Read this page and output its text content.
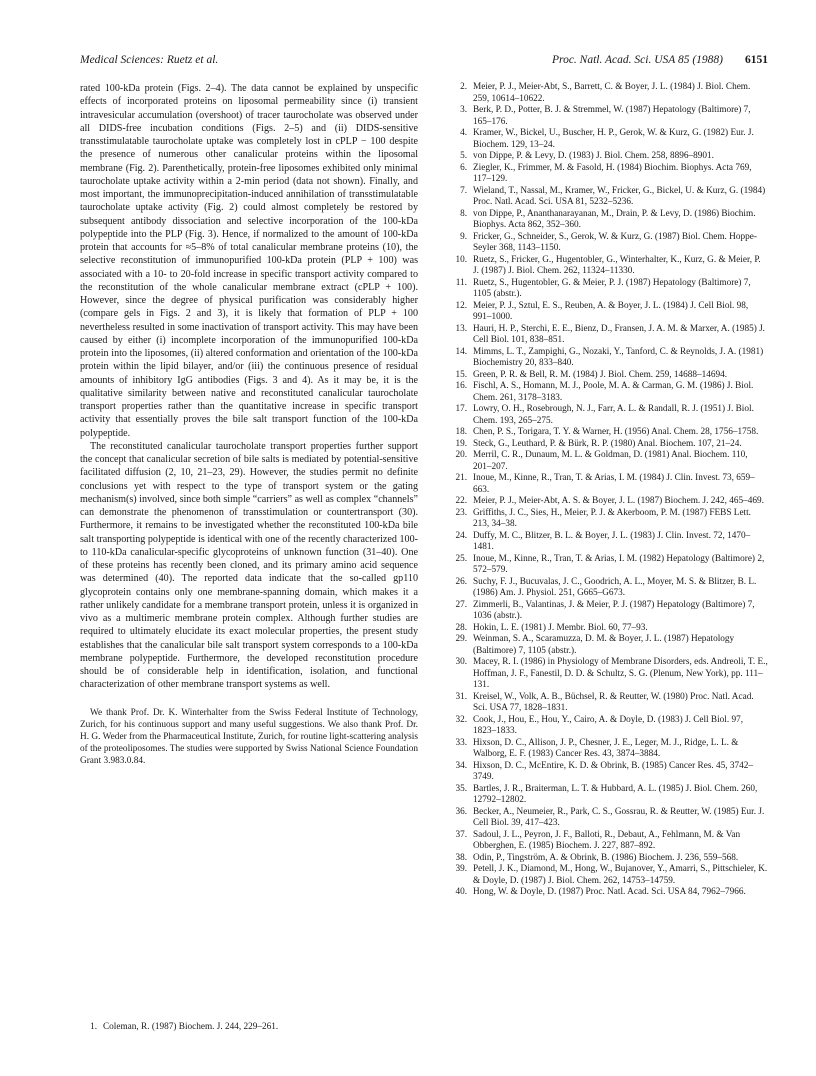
Medical Sciences: Ruetz et al.	Proc. Natl. Acad. Sci. USA 85 (1988) 6151

rated 100-kDa protein (Figs. 2–4). The data cannot be explained by unspecific effects of incorporated proteins on liposomal permeability since (i) transient intravesicular accumulation (overshoot) of tracer taurocholate was observed under all DIDS-free incubation conditions (Figs. 2–5) and (ii) DIDS-sensitive transstimulatable taurocholate uptake was completely lost in cPLP − 100 despite the presence of numerous other canalicular proteins within the liposomal membrane (Fig. 2). Parenthetically, protein-free liposomes exhibited only minimal taurocholate uptake activity within a 2-min period (data not shown). Finally, and most important, the immunoprecipitation-induced annihilation of transstimulatable taurocholate uptake activity (Fig. 2) could almost completely be restored by subsequent antibody dissociation and selective incorporation of the 100-kDa polypeptide into the PLP (Fig. 3). Hence, if normalized to the amount of 100-kDa protein that accounts for ≈5–8% of total canalicular membrane proteins (10), the selective reconstitution of immunopurified 100-kDa protein (PLP + 100) was associated with a 10- to 20-fold increase in specific transport activity compared to the reconstitution of the whole canalicular membrane extract (cPLP + 100). However, since the degree of physical purification was considerably higher (compare gels in Figs. 2 and 3), it is likely that formation of PLP + 100 nevertheless resulted in some inactivation of transport activity. This may have been caused by either (i) incomplete incorporation of the immunopurified 100-kDa protein into the liposomes, (ii) altered conformation and orientation of the 100-kDa protein within the lipid bilayer, and/or (iii) the continuous presence of residual amounts of inhibitory IgG antibodies (Figs. 3 and 4). As it may be, it is the qualitative similarity between native and reconstituted canalicular taurocholate transport properties rather than the quantitative increase in specific transport activity that essentially proves the bile salt transport function of the 100-kDa polypeptide.

The reconstituted canalicular taurocholate transport properties further support the concept that canalicular secretion of bile salts is mediated by potential-sensitive facilitated diffusion (2, 10, 21–23, 29). However, the studies permit no definite conclusions yet with respect to the type of transport system or the gating mechanism(s) involved, since both simple “carriers” as well as complex “channels” can demonstrate the phenomenon of transstimulation or countertransport (30). Furthermore, it remains to be investigated whether the reconstituted 100-kDa bile salt transporting polypeptide is identical with one of the recently characterized 100- to 110-kDa canalicular-specific glycoproteins of unknown function (31–40). One of these proteins has recently been cloned, and its primary amino acid sequence was determined (40). The reported data indicate that the so-called gp110 glycoprotein contains only one membrane-spanning domain, which makes it a rather unlikely candidate for a membrane transport protein, unless it is organized in vivo as a multimeric membrane protein complex. Although further studies are required to ultimately elucidate its exact molecular properties, the present study establishes that the canalicular bile salt transport system corresponds to a 100-kDa membrane polypeptide. Furthermore, the developed reconstitution procedure should be of considerable help in identification, isolation, and functional characterization of other membrane transport systems as well.

We thank Prof. Dr. K. Winterhalter from the Swiss Federal Institute of Technology, Zurich, for his continuous support and many useful suggestions. We also thank Prof. Dr. H. G. Weder from the Pharmaceutical Institute, Zurich, for routine light-scattering analysis of the proteoliposomes. The studies were supported by Swiss National Science Foundation Grant 3.983.0.84.

1. Coleman, R. (1987) Biochem. J. 244, 229–261.
2. Meier, P. J., Meier-Abt, S., Barrett, C. & Boyer, J. L. (1984) J. Biol. Chem. 259, 10614–10622.
3. Berk, P. D., Potter, B. J. & Stremmel, W. (1987) Hepatology (Baltimore) 7, 165–176.
4. Kramer, W., Bickel, U., Buscher, H. P., Gerok, W. & Kurz, G. (1982) Eur. J. Biochem. 129, 13–24.
5. von Dippe, P. & Levy, D. (1983) J. Biol. Chem. 258, 8896–8901.
6. Ziegler, K., Frimmer, M. & Fasold, H. (1984) Biochim. Biophys. Acta 769, 117–129.
7. Wieland, T., Nassal, M., Kramer, W., Fricker, G., Bickel, U. & Kurz, G. (1984) Proc. Natl. Acad. Sci. USA 81, 5232–5236.
8. von Dippe, P., Ananthanarayanan, M., Drain, P. & Levy, D. (1986) Biochim. Biophys. Acta 862, 352–360.
9. Fricker, G., Schneider, S., Gerok, W. & Kurz, G. (1987) Biol. Chem. Hoppe-Seyler 368, 1143–1150.
10. Ruetz, S., Fricker, G., Hugentobler, G., Winterhalter, K., Kurz, G. & Meier, P. J. (1987) J. Biol. Chem. 262, 11324–11330.
11. Ruetz, S., Hugentobler, G. & Meier, P. J. (1987) Hepatology (Baltimore) 7, 1105 (abstr.).
12. Meier, P. J., Sztul, E. S., Reuben, A. & Boyer, J. L. (1984) J. Cell Biol. 98, 991–1000.
13. Hauri, H. P., Sterchi, E. E., Bienz, D., Fransen, J. A. M. & Marxer, A. (1985) J. Cell Biol. 101, 838–851.
14. Mimms, L. T., Zampighi, G., Nozaki, Y., Tanford, C. & Reynolds, J. A. (1981) Biochemistry 20, 833–840.
15. Green, P. R. & Bell, R. M. (1984) J. Biol. Chem. 259, 14688–14694.
16. Fischl, A. S., Homann, M. J., Poole, M. A. & Carman, G. M. (1986) J. Biol. Chem. 261, 3178–3183.
17. Lowry, O. H., Rosebrough, N. J., Farr, A. L. & Randall, R. J. (1951) J. Biol. Chem. 193, 265–275.
18. Chen, P. S., Torigara, T. Y. & Warner, H. (1956) Anal. Chem. 28, 1756–1758.
19. Steck, G., Leuthard, P. & Bürk, R. P. (1980) Anal. Biochem. 107, 21–24.
20. Merril, C. R., Dunaum, M. L. & Goldman, D. (1981) Anal. Biochem. 110, 201–207.
21. Inoue, M., Kinne, R., Tran, T. & Arias, I. M. (1984) J. Clin. Invest. 73, 659–663.
22. Meier, P. J., Meier-Abt, A. S. & Boyer, J. L. (1987) Biochem. J. 242, 465–469.
23. Griffiths, J. C., Sies, H., Meier, P. J. & Akerboom, P. M. (1987) FEBS Lett. 213, 34–38.
24. Duffy, M. C., Blitzer, B. L. & Boyer, J. L. (1983) J. Clin. Invest. 72, 1470–1481.
25. Inoue, M., Kinne, R., Tran, T. & Arias, I. M. (1982) Hepatology (Baltimore) 2, 572–579.
26. Suchy, F. J., Bucuvalas, J. C., Goodrich, A. L., Moyer, M. S. & Blitzer, B. L. (1986) Am. J. Physiol. 251, G665–G673.
27. Zimmerli, B., Valantinas, J. & Meier, P. J. (1987) Hepatology (Baltimore) 7, 1036 (abstr.).
28. Hokin, L. E. (1981) J. Membr. Biol. 60, 77–93.
29. Weinman, S. A., Scaramuzza, D. M. & Boyer, J. L. (1987) Hepatology (Baltimore) 7, 1105 (abstr.).
30. Macey, R. I. (1986) in Physiology of Membrane Disorders, eds. Andreoli, T. E., Hoffman, J. F., Fanestil, D. D. & Schultz, S. G. (Plenum, New York), pp. 111–131.
31. Kreisel, W., Volk, A. B., Büchsel, R. & Reutter, W. (1980) Proc. Natl. Acad. Sci. USA 77, 1828–1831.
32. Cook, J., Hou, E., Hou, Y., Cairo, A. & Doyle, D. (1983) J. Cell Biol. 97, 1823–1833.
33. Hixson, D. C., Allison, J. P., Chesner, J. E., Leger, M. J., Ridge, L. L. & Walborg, E. F. (1983) Cancer Res. 43, 3874–3884.
34. Hixson, D. C., McEntire, K. D. & Obrink, B. (1985) Cancer Res. 45, 3742–3749.
35. Bartles, J. R., Braiterman, L. T. & Hubbard, A. L. (1985) J. Biol. Chem. 260, 12792–12802.
36. Becker, A., Neumeier, R., Park, C. S., Gossrau, R. & Reutter, W. (1985) Eur. J. Cell Biol. 39, 417–423.
37. Sadoul, J. L., Peyron, J. F., Balloti, R., Debaut, A., Fehlmann, M. & Van Obberghen, E. (1985) Biochem. J. 227, 887–892.
38. Odin, P., Tingström, A. & Obrink, B. (1986) Biochem. J. 236, 559–568.
39. Petell, J. K., Diamond, M., Hong, W., Bujanover, Y., Amarri, S., Pittschieler, K. & Doyle, D. (1987) J. Biol. Chem. 262, 14753–14759.
40. Hong, W. & Doyle, D. (1987) Proc. Natl. Acad. Sci. USA 84, 7962–7966.
